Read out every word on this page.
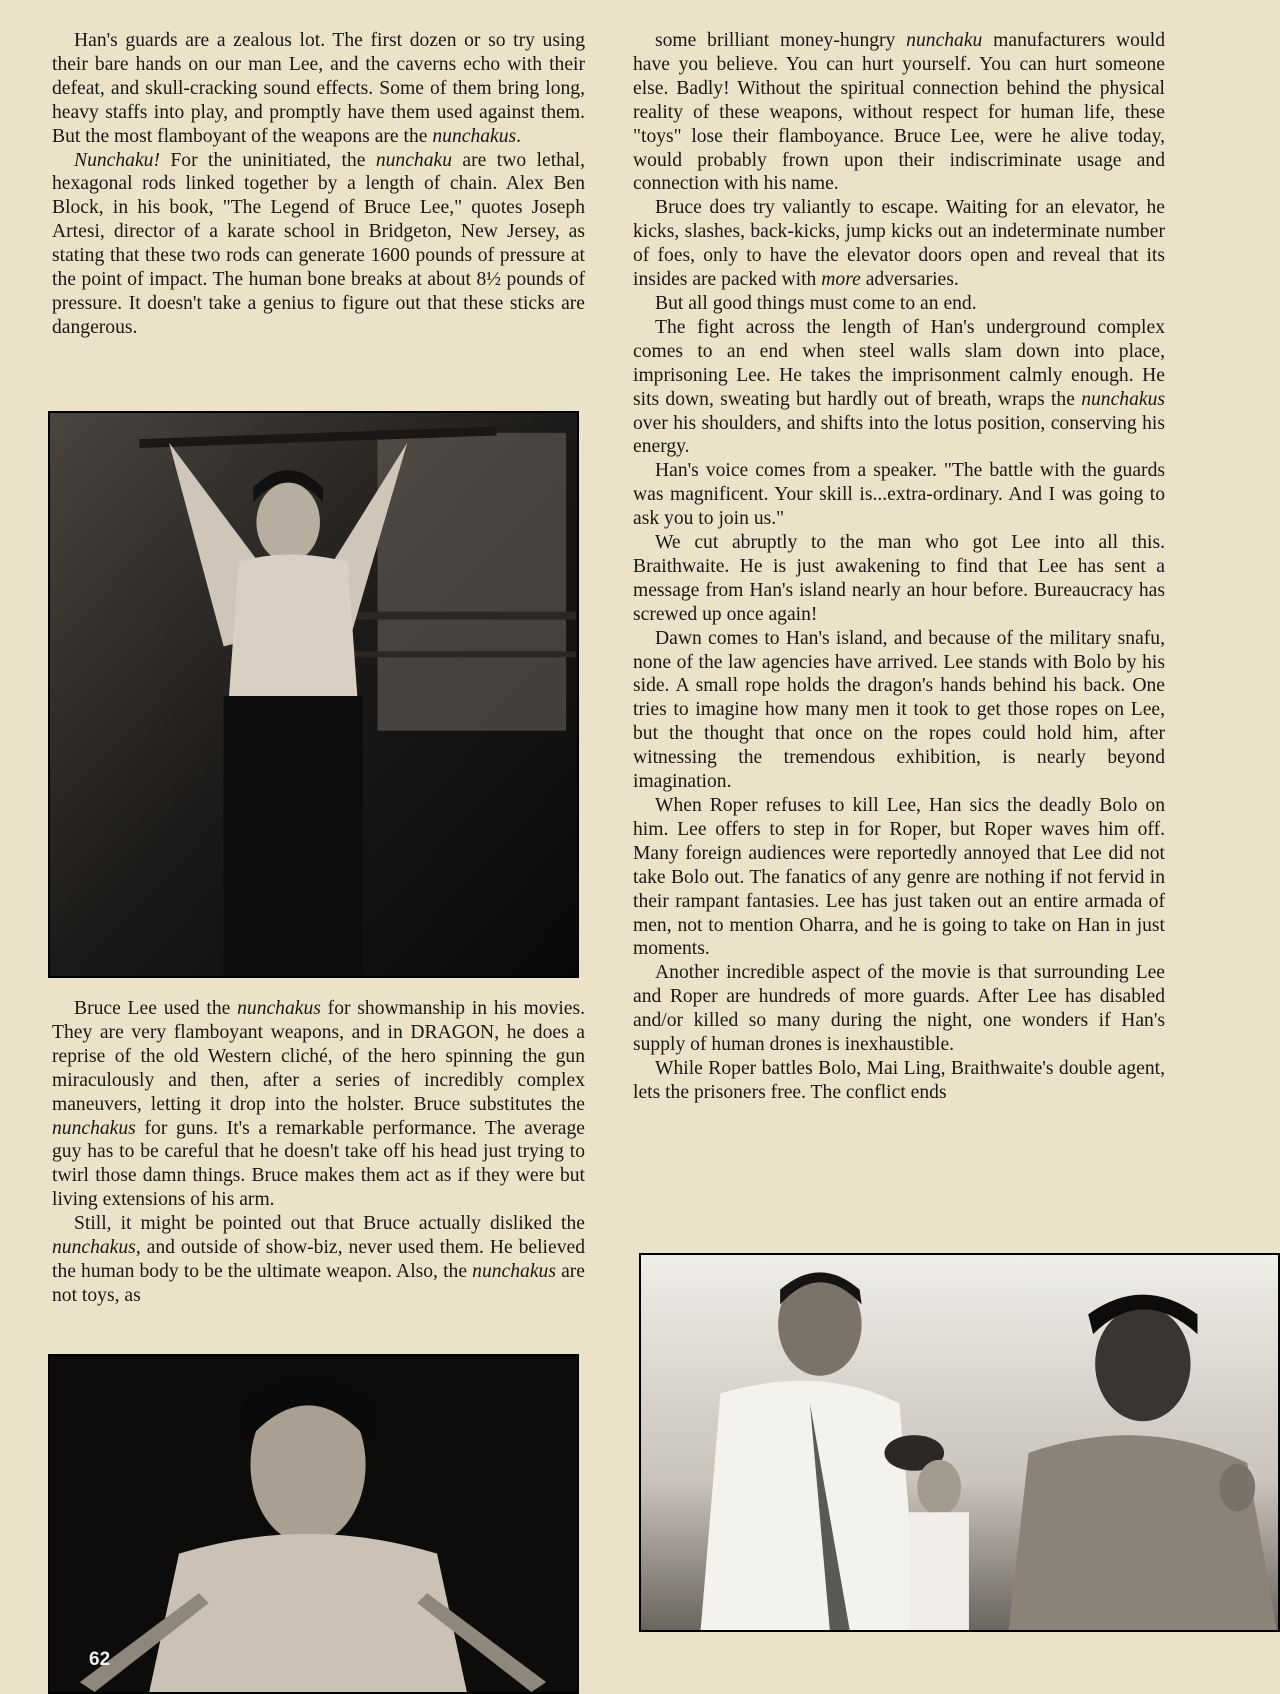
Han's guards are a zealous lot. The first dozen or so try using their bare hands on our man Lee, and the caverns echo with their defeat, and skull-cracking sound effects. Some of them bring long, heavy staffs into play, and promptly have them used against them. But the most flamboyant of the weapons are the nunchakus.

Nunchaku! For the uninitiated, the nunchaku are two lethal, hexagonal rods linked together by a length of chain. Alex Ben Block, in his book, "The Legend of Bruce Lee," quotes Joseph Artesi, director of a karate school in Bridgeton, New Jersey, as stating that these two rods can generate 1600 pounds of pressure at the point of impact. The human bone breaks at about 8½ pounds of pressure. It doesn't take a genius to figure out that these sticks are dangerous.

Bruce Lee used the nunchakus for showmanship in his movies. They are very flamboyant weapons, and in DRAGON, he does a reprise of the old Western cliché, of the hero spinning the gun miraculously and then, after a series of incredibly complex maneuvers, letting it drop into the holster. Bruce substitutes the nunchakus for guns. It's a remarkable performance. The average guy has to be careful that he doesn't take off his head just trying to twirl those damn things. Bruce makes them act as if they were but living extensions of his arm.

Still, it might be pointed out that Bruce actually disliked the nunchakus, and outside of show-biz, never used them. He believed the human body to be the ultimate weapon. Also, the nunchakus are not toys, as

some brilliant money-hungry nunchaku manufacturers would have you believe. You can hurt yourself. You can hurt someone else. Badly! Without the spiritual connection behind the physical reality of these weapons, without respect for human life, these "toys" lose their flamboyance. Bruce Lee, were he alive today, would probably frown upon their indiscriminate usage and connection with his name.

Bruce does try valiantly to escape. Waiting for an elevator, he kicks, slashes, back-kicks, jump kicks out an indeterminate number of foes, only to have the elevator doors open and reveal that its insides are packed with more adversaries.

But all good things must come to an end.

The fight across the length of Han's underground complex comes to an end when steel walls slam down into place, imprisoning Lee. He takes the imprisonment calmly enough. He sits down, sweating but hardly out of breath, wraps the nunchakus over his shoulders, and shifts into the lotus position, conserving his energy.

Han's voice comes from a speaker. "The battle with the guards was magnificent. Your skill is...extra-ordinary. And I was going to ask you to join us."

We cut abruptly to the man who got Lee into all this. Braithwaite. He is just awakening to find that Lee has sent a message from Han's island nearly an hour before. Bureaucracy has screwed up once again!

Dawn comes to Han's island, and because of the military snafu, none of the law agencies have arrived. Lee stands with Bolo by his side. A small rope holds the dragon's hands behind his back. One tries to imagine how many men it took to get those ropes on Lee, but the thought that once on the ropes could hold him, after witnessing the tremendous exhibition, is nearly beyond imagination.

When Roper refuses to kill Lee, Han sics the deadly Bolo on him. Lee offers to step in for Roper, but Roper waves him off. Many foreign audiences were reportedly annoyed that Lee did not take Bolo out. The fanatics of any genre are nothing if not fervid in their rampant fantasies. Lee has just taken out an entire armada of men, not to mention Oharra, and he is going to take on Han in just moments.

Another incredible aspect of the movie is that surrounding Lee and Roper are hundreds of more guards. After Lee has disabled and/or killed so many during the night, one wonders if Han's supply of human drones is inexhaustible.

While Roper battles Bolo, Mai Ling, Braithwaite's double agent, lets the prisoners free. The conflict ends

62
